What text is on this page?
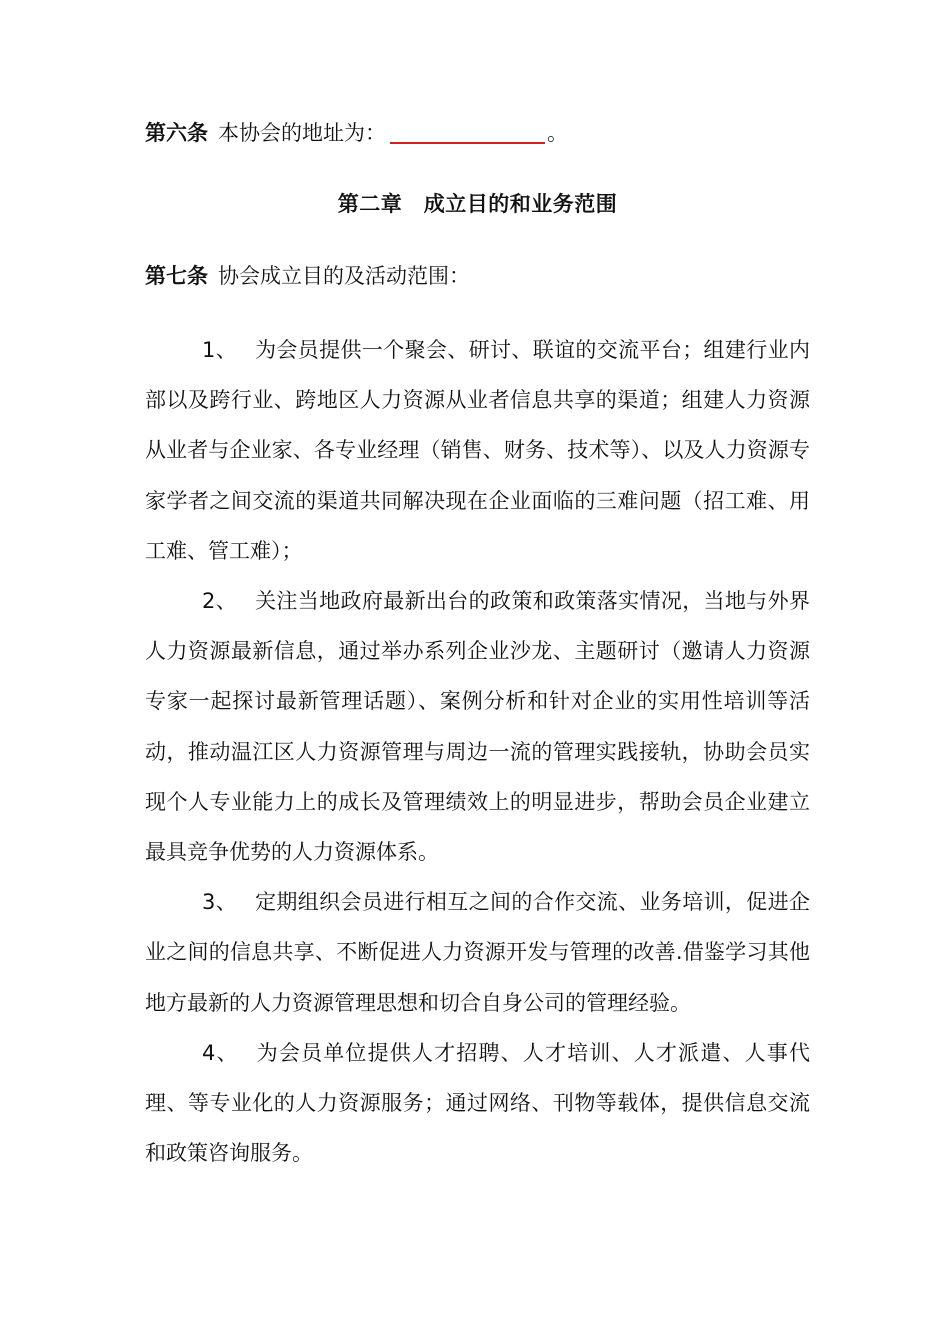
第六条 本协会的地址为：	。
第二章　成立目的和业务范围
第七条 协会成立目的及活动范围：

1、 为会员提供一个聚会、研讨、联谊的交流平台；组建行业内部以及跨行业、跨地区人力资源从业者信息共享的渠道；组建人力资源从业者与企业家、各专业经理（销售、财务、技术等）、以及人力资源专家学者之间交流的渠道共同解决现在企业面临的三难问题（招工难、用工难、管工难）；

2、 关注当地政府最新出台的政策和政策落实情况，当地与外界人力资源最新信息，通过举办系列企业沙龙、主题研讨（邀请人力资源专家一起探讨最新管理话题）、案例分析和针对企业的实用性培训等活动，推动温江区人力资源管理与周边一流的管理实践接轨，协助会员实现个人专业能力上的成长及管理绩效上的明显进步，帮助会员企业建立最具竞争优势的人力资源体系。

3、 定期组织会员进行相互之间的合作交流、业务培训，促进企业之间的信息共享、不断促进人力资源开发与管理的改善.借鉴学习其他地方最新的人力资源管理思想和切合自身公司的管理经验。

4、 为会员单位提供人才招聘、人才培训、人才派遣、人事代理、等专业化的人力资源服务；通过网络、刊物等载体，提供信息交流和政策咨询服务。
